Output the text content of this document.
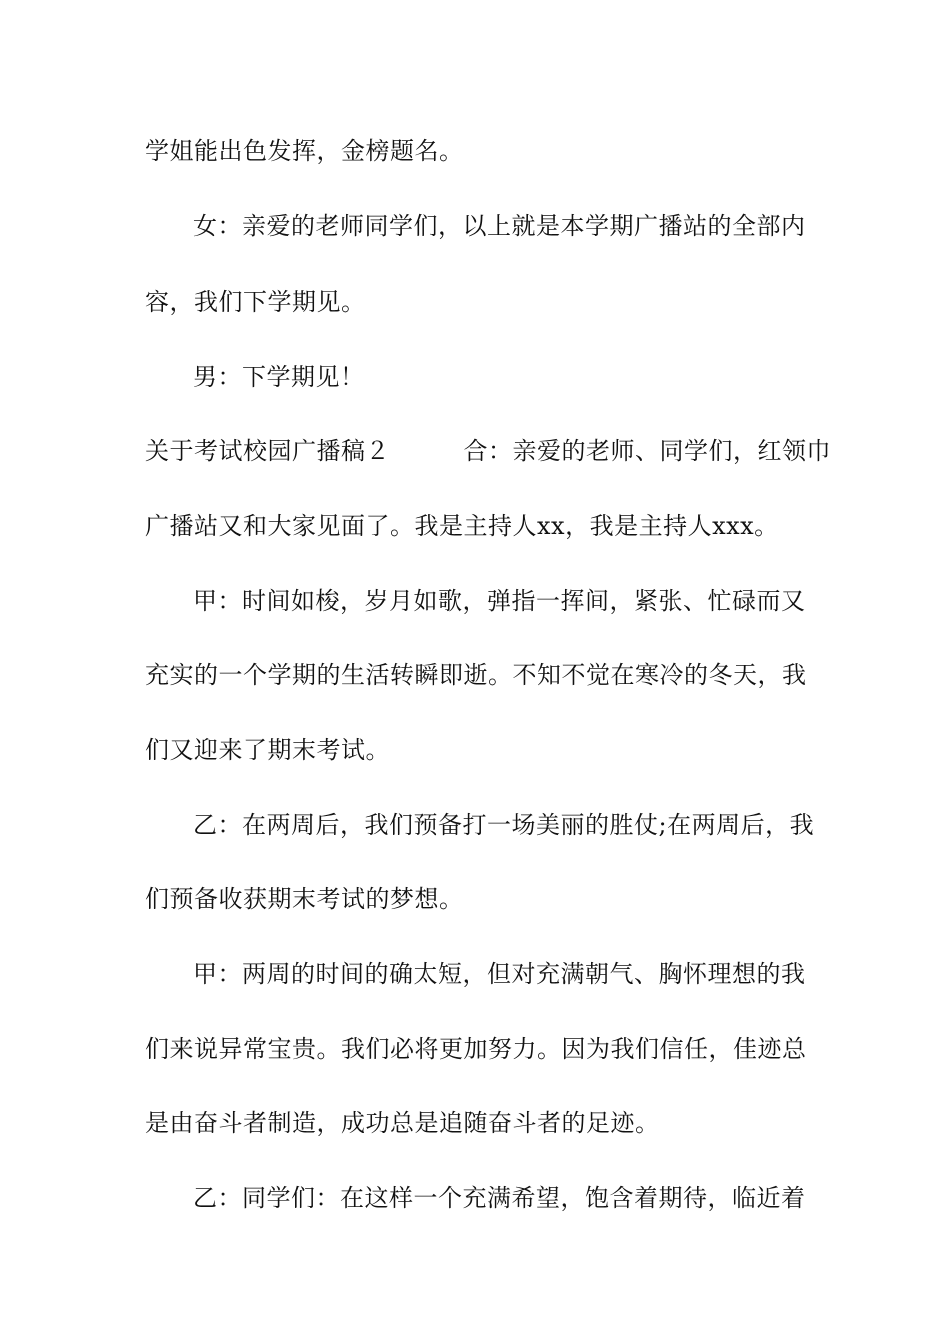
学姐能出色发挥，金榜题名。
女：亲爱的老师同学们，以上就是本学期广播站的全部内
容，我们下学期见。
男：下学期见！
关于考试校园广播稿２　　　合：亲爱的老师、同学们，红领巾
广播站又和大家见面了。我是主持人xx，我是主持人xxx。
甲：时间如梭，岁月如歌，弹指一挥间，紧张、忙碌而又
充实的一个学期的生活转瞬即逝。不知不觉在寒冷的冬天，我
们又迎来了期末考试。
乙：在两周后，我们预备打一场美丽的胜仗;在两周后，我
们预备收获期末考试的梦想。
甲：两周的时间的确太短，但对充满朝气、胸怀理想的我
们来说异常宝贵。我们必将更加努力。因为我们信任，佳迹总
是由奋斗者制造，成功总是追随奋斗者的足迹。
乙：同学们：在这样一个充满希望，饱含着期待，临近着
